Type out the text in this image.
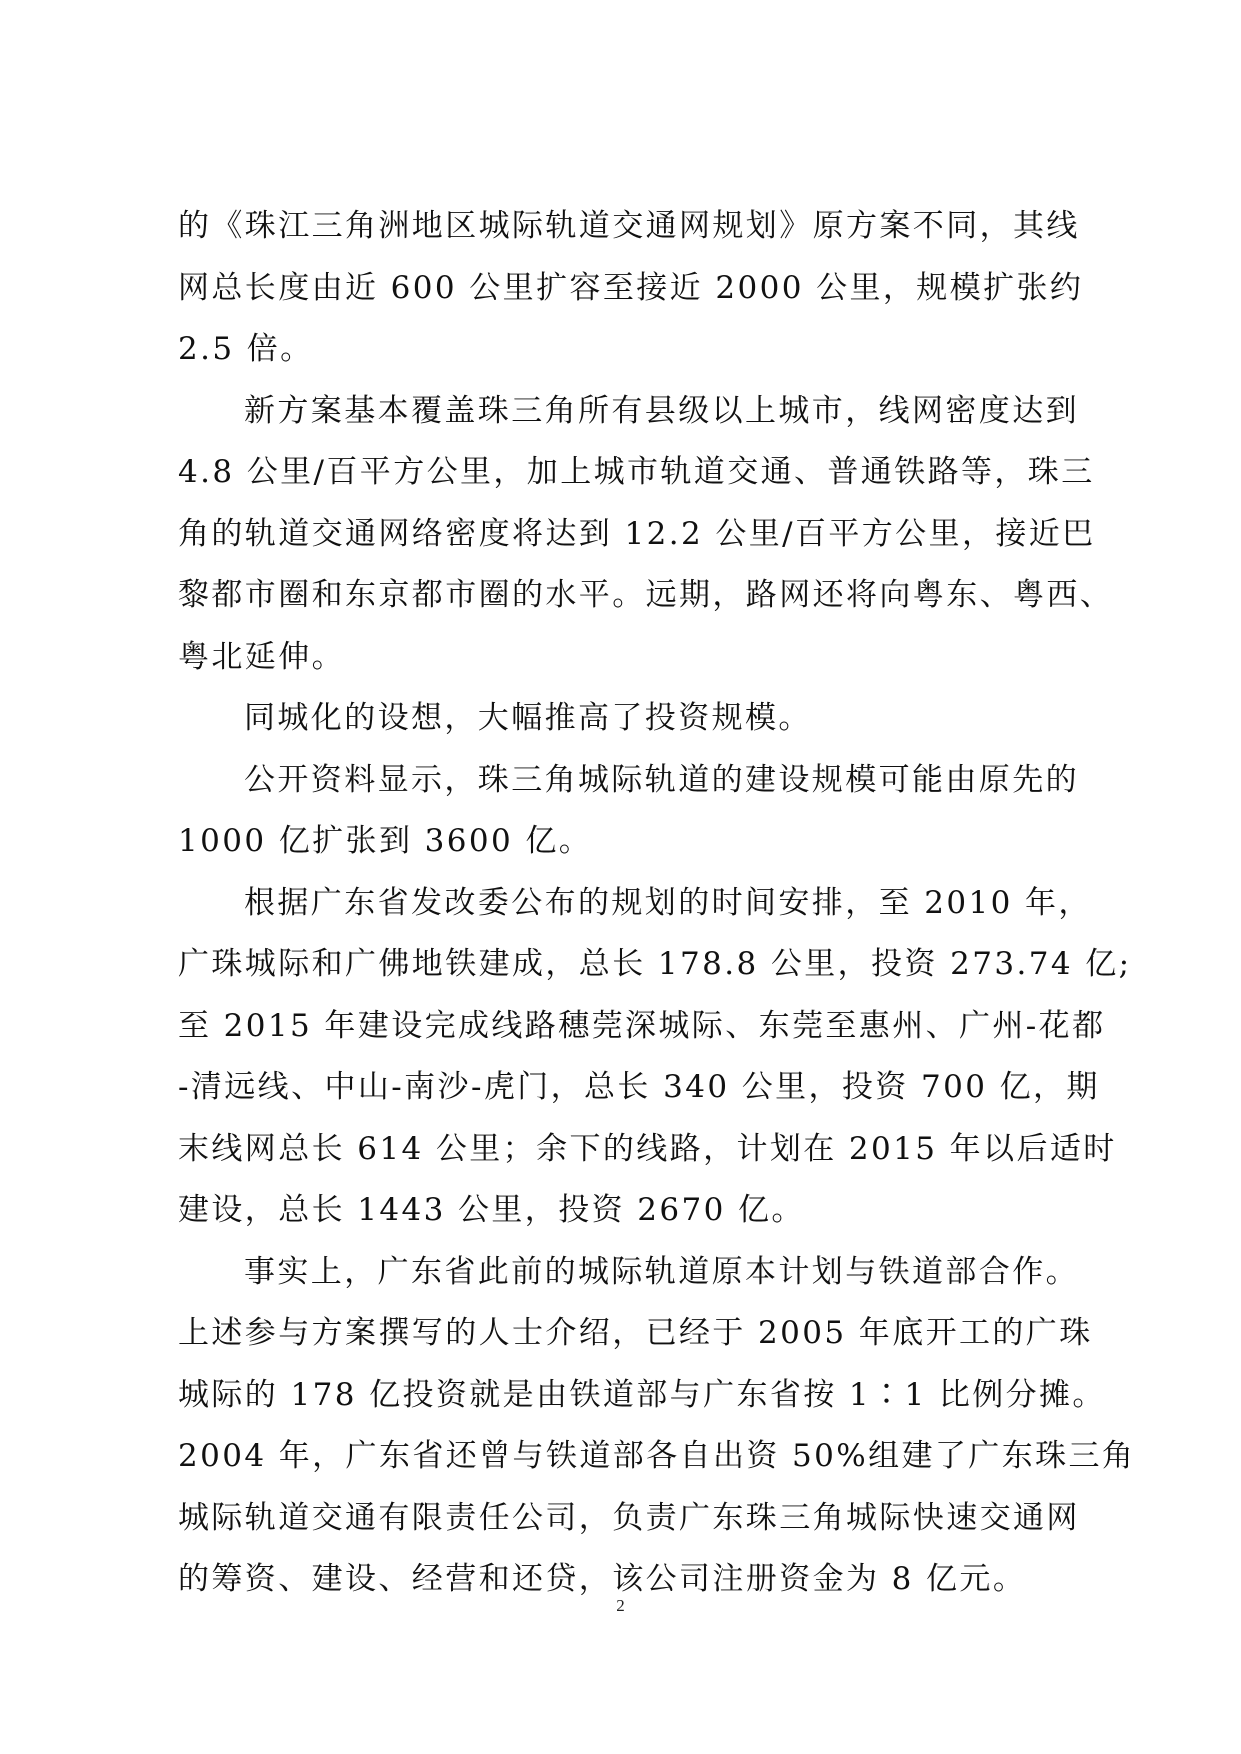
的《珠江三角洲地区城际轨道交通网规划》原方案不同，其线
网总长度由近 600 公里扩容至接近 2000 公里，规模扩张约
2.5 倍。
新方案基本覆盖珠三角所有县级以上城市，线网密度达到
4.8 公里/百平方公里，加上城市轨道交通、普通铁路等，珠三
角的轨道交通网络密度将达到 12.2 公里/百平方公里，接近巴
黎都市圈和东京都市圈的水平。远期，路网还将向粤东、粤西、
粤北延伸。
同城化的设想，大幅推高了投资规模。
公开资料显示，珠三角城际轨道的建设规模可能由原先的
1000 亿扩张到 3600 亿。
根据广东省发改委公布的规划的时间安排，至 2010 年，
广珠城际和广佛地铁建成，总长 178.8 公里，投资 273.74 亿;
至 2015 年建设完成线路穗莞深城际、东莞至惠州、广州-花都
-清远线、中山-南沙-虎门，总长 340 公里，投资 700 亿，期
末线网总长 614 公里；余下的线路，计划在 2015 年以后适时
建设，总长 1443 公里，投资 2670 亿。
事实上，广东省此前的城际轨道原本计划与铁道部合作。
上述参与方案撰写的人士介绍，已经于 2005 年底开工的广珠
城际的 178 亿投资就是由铁道部与广东省按 1∶1 比例分摊。
2004 年，广东省还曾与铁道部各自出资 50%组建了广东珠三角
城际轨道交通有限责任公司，负责广东珠三角城际快速交通网
的筹资、建设、经营和还贷，该公司注册资金为 8 亿元。
2
